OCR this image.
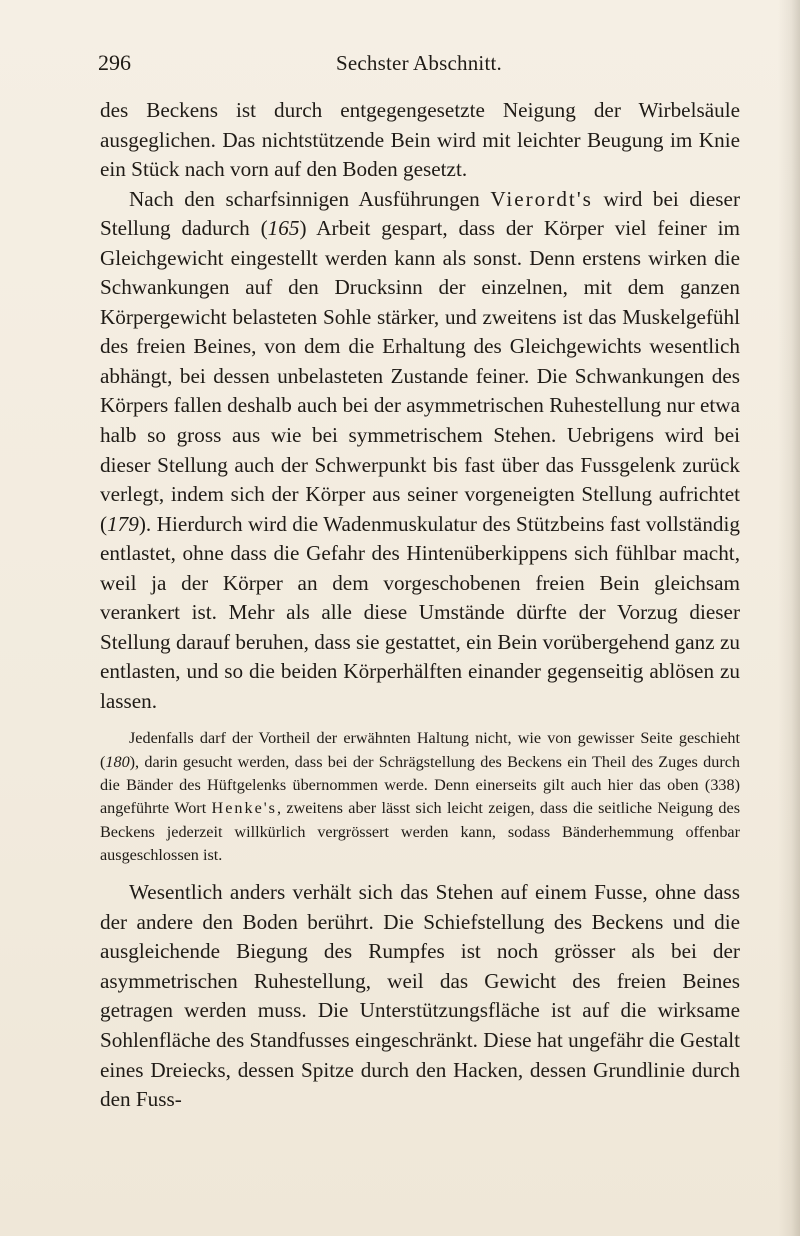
296	Sechster Abschnitt.

des Beckens ist durch entgegengesetzte Neigung der Wirbelsäule ausgeglichen. Das nichtstützende Bein wird mit leichter Beugung im Knie ein Stück nach vorn auf den Boden gesetzt.

Nach den scharfsinnigen Ausführungen Vierordt's wird bei dieser Stellung dadurch (165) Arbeit gespart, dass der Körper viel feiner im Gleichgewicht eingestellt werden kann als sonst. Denn erstens wirken die Schwankungen auf den Drucksinn der einzelnen, mit dem ganzen Körpergewicht belasteten Sohle stärker, und zweitens ist das Muskelgefühl des freien Beines, von dem die Erhaltung des Gleichgewichts wesentlich abhängt, bei dessen unbelasteten Zustande feiner. Die Schwankungen des Körpers fallen deshalb auch bei der asymmetrischen Ruhestellung nur etwa halb so gross aus wie bei symmetrischem Stehen. Uebrigens wird bei dieser Stellung auch der Schwerpunkt bis fast über das Fussgelenk zurück verlegt, indem sich der Körper aus seiner vorgeneigten Stellung aufrichtet (179). Hierdurch wird die Wadenmuskulatur des Stützbeins fast vollständig entlastet, ohne dass die Gefahr des Hintenüberkippens sich fühlbar macht, weil ja der Körper an dem vorgeschobenen freien Bein gleichsam verankert ist. Mehr als alle diese Umstände dürfte der Vorzug dieser Stellung darauf beruhen, dass sie gestattet, ein Bein vorübergehend ganz zu entlasten, und so die beiden Körperhälften einander gegenseitig ablösen zu lassen.

Jedenfalls darf der Vortheil der erwähnten Haltung nicht, wie von gewisser Seite geschieht (180), darin gesucht werden, dass bei der Schrägstellung des Beckens ein Theil des Zuges durch die Bänder des Hüftgelenks übernommen werde. Denn einerseits gilt auch hier das oben (338) angeführte Wort Henke's, zweitens aber lässt sich leicht zeigen, dass die seitliche Neigung des Beckens jederzeit willkürlich vergrössert werden kann, sodass Bänderhemmung offenbar ausgeschlossen ist.

Wesentlich anders verhält sich das Stehen auf einem Fusse, ohne dass der andere den Boden berührt. Die Schiefstellung des Beckens und die ausgleichende Biegung des Rumpfes ist noch grösser als bei der asymmetrischen Ruhestellung, weil das Gewicht des freien Beines getragen werden muss. Die Unterstützungsfläche ist auf die wirksame Sohlenfläche des Standfusses eingeschränkt. Diese hat ungefähr die Gestalt eines Dreiecks, dessen Spitze durch den Hacken, dessen Grundlinie durch den Fuss-
